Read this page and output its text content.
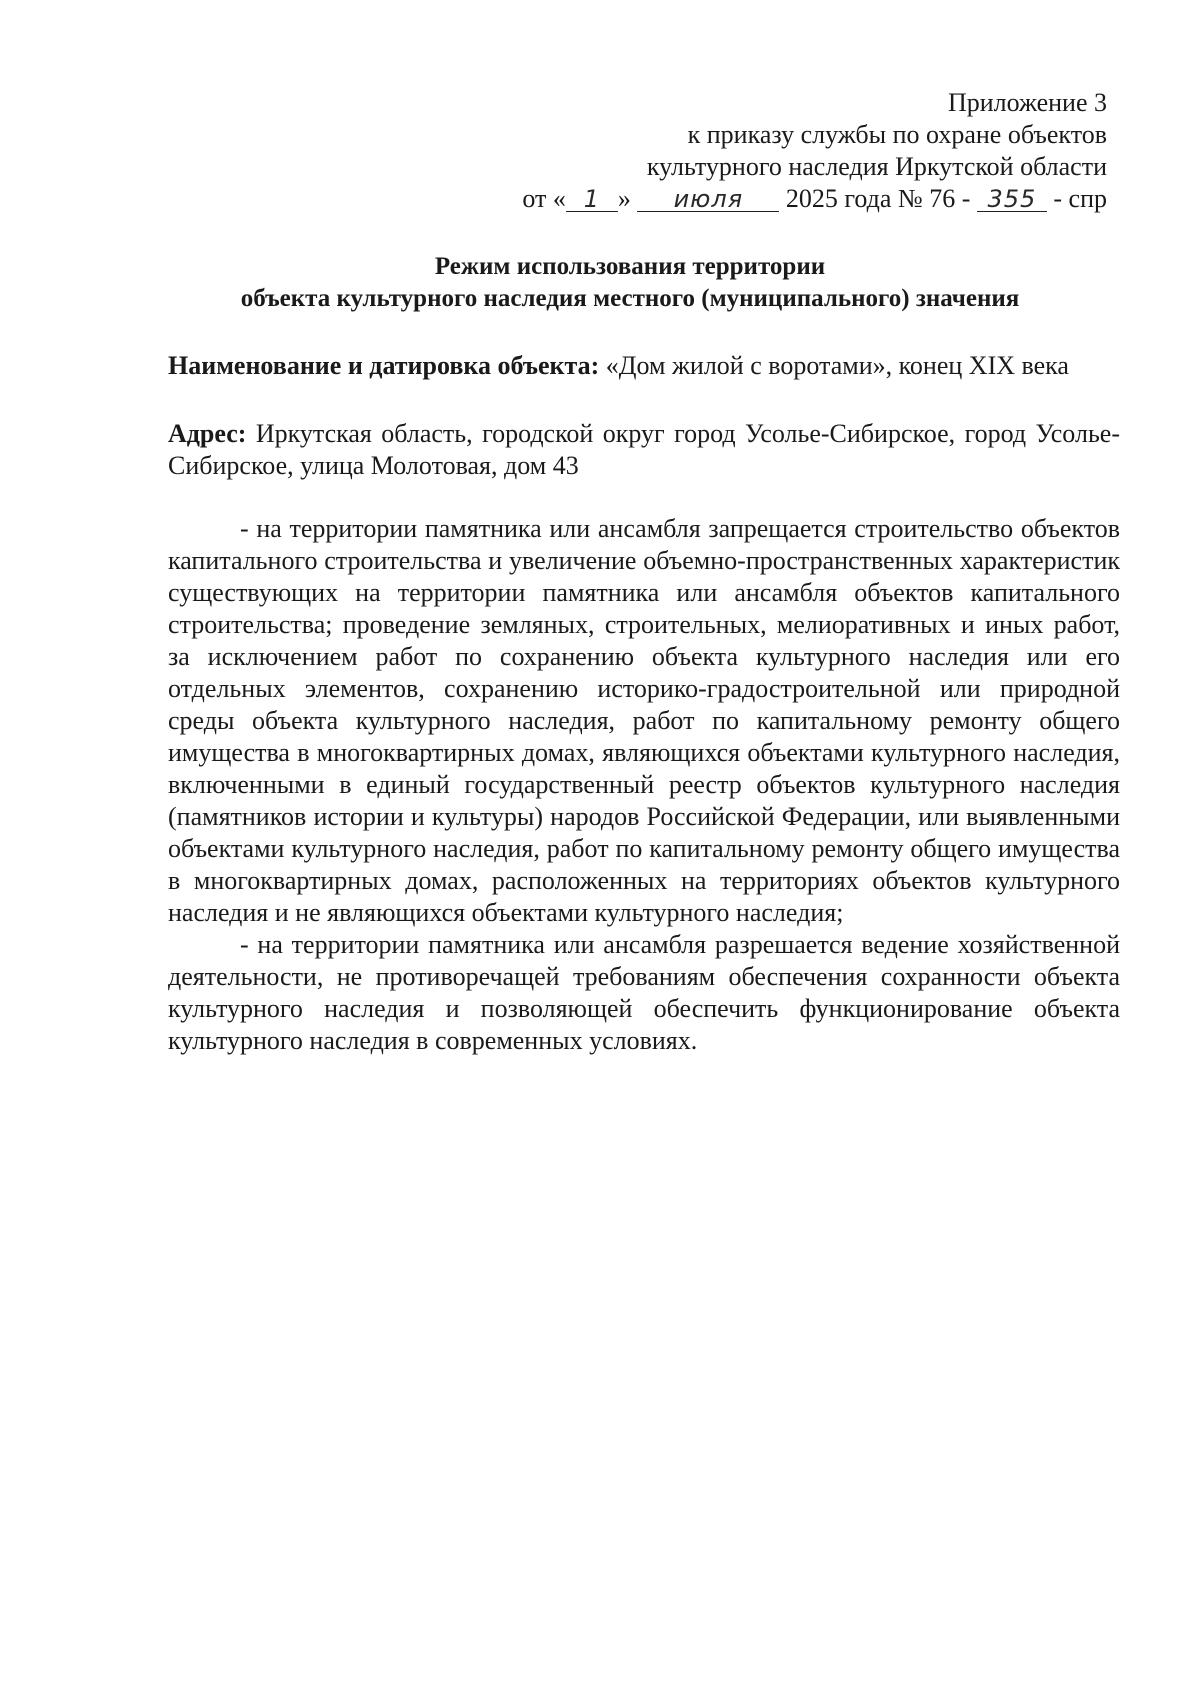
Приложение 3
к приказу службы по охране объектов
культурного наследия Иркутской области
от « 1 » июля 2025 года № 76 - 355 - спр
Режим использования территории
объекта культурного наследия местного (муниципального) значения
Наименование и датировка объекта: «Дом жилой с воротами», конец XIX века
Адрес: Иркутская область, городской округ город Усолье-Сибирское, город Усолье-Сибирское, улица Молотовая, дом 43

- на территории памятника или ансамбля запрещается строительство объектов капитального строительства и увеличение объемно-пространственных характеристик существующих на территории памятника или ансамбля объектов капитального строительства; проведение земляных, строительных, мелиоративных и иных работ, за исключением работ по сохранению объекта культурного наследия или его отдельных элементов, сохранению историко-градостроительной или природной среды объекта культурного наследия, работ по капитальному ремонту общего имущества в многоквартирных домах, являющихся объектами культурного наследия, включенными в единый государственный реестр объектов культурного наследия (памятников истории и культуры) народов Российской Федерации, или выявленными объектами культурного наследия, работ по капитальному ремонту общего имущества в многоквартирных домах, расположенных на территориях объектов культурного наследия и не являющихся объектами культурного наследия;

- на территории памятника или ансамбля разрешается ведение хозяйственной деятельности, не противоречащей требованиям обеспечения сохранности объекта культурного наследия и позволяющей обеспечить функционирование объекта культурного наследия в современных условиях.
